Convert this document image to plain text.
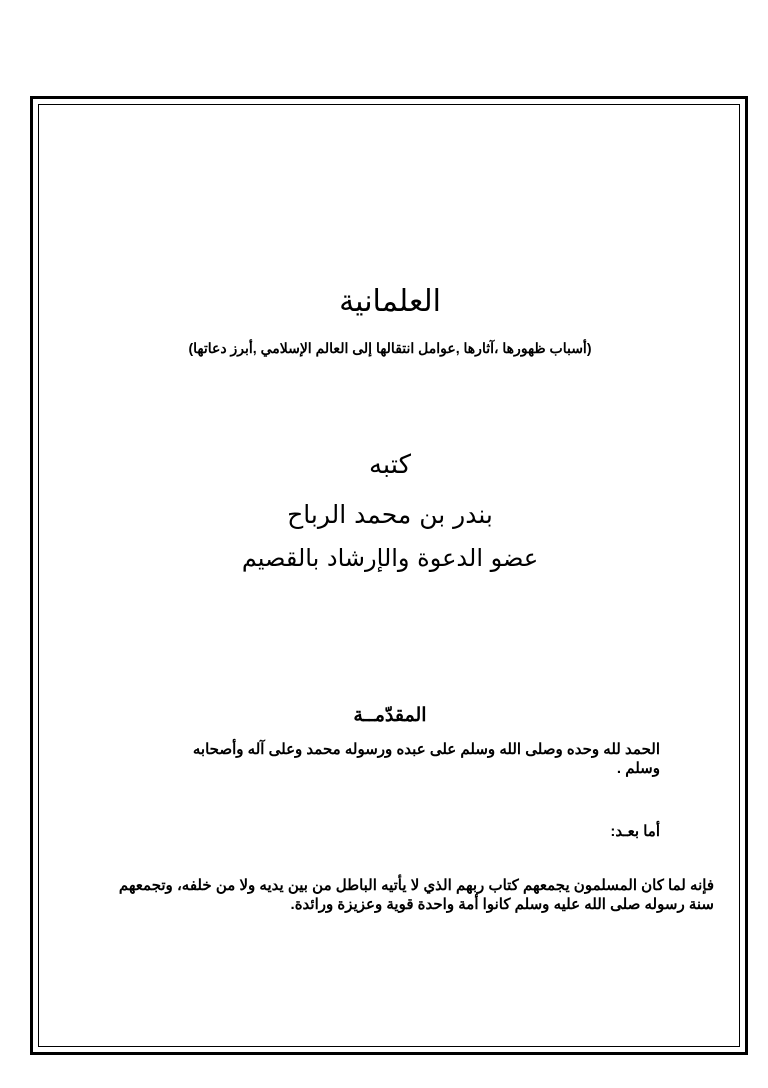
العلمانية
(أسباب ظهورها ،آثارها ,عوامل انتقالها إلى العالم الإسلامي ,أبرز دعاتها)
كتبه
بندر بن محمد الرباح
عضو الدعوة والإرشاد بالقصيم
المقدّمــة
الحمد لله وحده وصلى الله وسلم على عبده ورسوله محمد وعلى آله وأصحابه وسلم .
أما بعـد:
فإنه لما كان المسلمون يجمعهم كتاب ربهم الذي لا يأتيه الباطل من بين يديه ولا من خلفه، وتجمعهم سنة رسوله صلى الله عليه وسلم كانوا أمة واحدة قوية وعزيزة ورائدة.
